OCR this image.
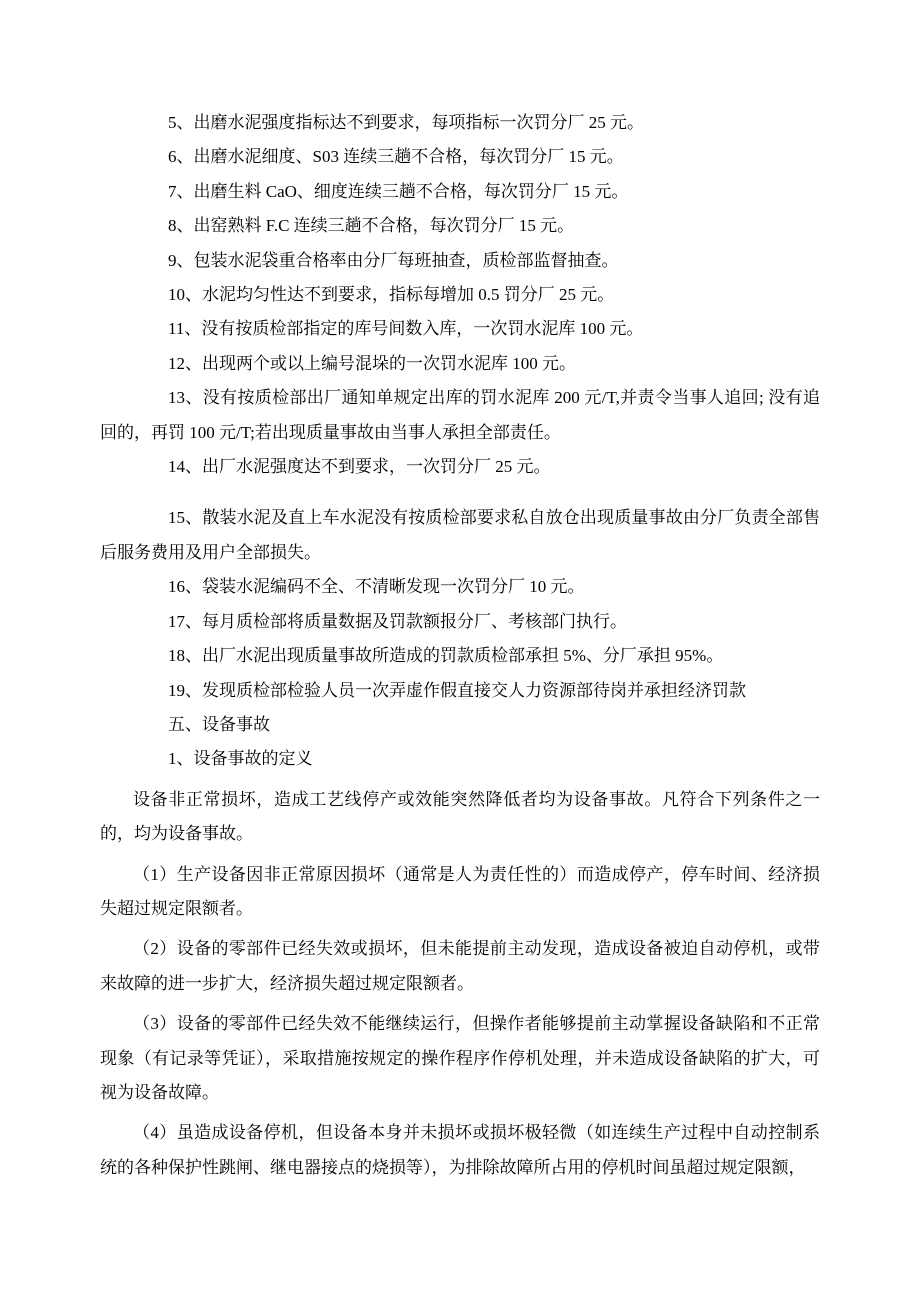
5、出磨水泥强度指标达不到要求，每项指标一次罚分厂 25 元。

6、出磨水泥细度、S03 连续三趟不合格，每次罚分厂 15 元。

7、出磨生料 CaO、细度连续三趟不合格，每次罚分厂 15 元。

8、出窑熟料 F.C 连续三趟不合格，每次罚分厂 15 元。

9、包装水泥袋重合格率由分厂每班抽查，质检部监督抽查。

10、水泥均匀性达不到要求，指标每增加 0.5 罚分厂 25 元。

11、没有按质检部指定的库号间数入库，一次罚水泥库 100 元。

12、出现两个或以上编号混垛的一次罚水泥库 100 元。

13、没有按质检部出厂通知单规定出库的罚水泥库 200 元/T,并责令当事人追回; 没有追回的，再罚 100 元/T;若出现质量事故由当事人承担全部责任。

14、出厂水泥强度达不到要求，一次罚分厂 25 元。

15、散装水泥及直上车水泥没有按质检部要求私自放仓出现质量事故由分厂负责全部售后服务费用及用户全部损失。

16、袋装水泥编码不全、不清晰发现一次罚分厂 10 元。

17、每月质检部将质量数据及罚款额报分厂、考核部门执行。

18、出厂水泥出现质量事故所造成的罚款质检部承担 5%、分厂承担 95%。

19、发现质检部检验人员一次弄虚作假直接交人力资源部待岗并承担经济罚款

五、设备事故

1、设备事故的定义

设备非正常损坏，造成工艺线停产或效能突然降低者均为设备事故。凡符合下列条件之一的，均为设备事故。

（1）生产设备因非正常原因损坏（通常是人为责任性的）而造成停产，停车时间、经济损失超过规定限额者。

（2）设备的零部件已经失效或损坏，但未能提前主动发现，造成设备被迫自动停机，或带来故障的进一步扩大，经济损失超过规定限额者。

（3）设备的零部件已经失效不能继续运行，但操作者能够提前主动掌握设备缺陷和不正常现象（有记录等凭证），采取措施按规定的操作程序作停机处理，并未造成设备缺陷的扩大，可视为设备故障。

（4）虽造成设备停机，但设备本身并未损坏或损坏极轻微（如连续生产过程中自动控制系统的各种保护性跳闸、继电器接点的烧损等），为排除故障所占用的停机时间虽超过规定限额，
